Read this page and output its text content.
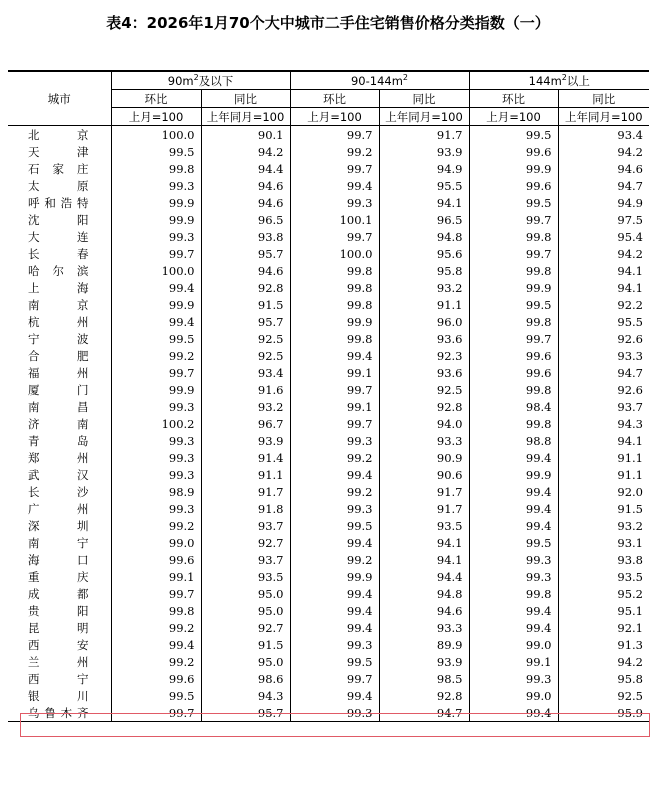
表4：2026年1月70个大中城市二手住宅销售价格分类指数（一）
城市	$90m^2$及以下		$90-144m^2$		$144m^2$以上	
	环比	同比	环比	同比	环比	同比
	上月=100	上年同月=100	上月=100	上年同月=100	上月=100	上年同月=100
北京	100.0	90.1	99.7	91.7	99.5	93.4
天津	99.5	94.2	99.2	93.9	99.6	94.2
石家庄	99.8	94.4	99.7	94.9	99.9	94.6
太原	99.3	94.6	99.4	95.5	99.6	94.7
呼和浩特	99.9	94.6	99.3	94.1	99.5	94.9
沈阳	99.9	96.5	100.1	96.5	99.7	97.5
大连	99.3	93.8	99.7	94.8	99.8	95.4
长春	99.7	95.7	100.0	95.6	99.7	94.2
哈尔滨	100.0	94.6	99.8	95.8	99.8	94.1
上海	99.4	92.8	99.8	93.2	99.9	94.1
南京	99.9	91.5	99.8	91.1	99.5	92.2
杭州	99.4	95.7	99.9	96.0	99.8	95.5
宁波	99.5	92.5	99.8	93.6	99.7	92.6
合肥	99.2	92.5	99.4	92.3	99.6	93.3
福州	99.7	93.4	99.1	93.6	99.6	94.7
厦门	99.9	91.6	99.7	92.5	99.8	92.6
南昌	99.3	93.2	99.1	92.8	98.4	93.7
济南	100.2	96.7	99.7	94.0	99.8	94.3
青岛	99.3	93.9	99.3	93.3	98.8	94.1
郑州	99.3	91.4	99.2	90.9	99.4	91.1
武汉	99.3	91.1	99.4	90.6	99.9	91.1
长沙	98.9	91.7	99.2	91.7	99.4	92.0
广州	99.3	91.8	99.3	91.7	99.4	91.5
深圳	99.2	93.7	99.5	93.5	99.4	93.2
南宁	99.0	92.7	99.4	94.1	99.5	93.1
海口	99.6	93.7	99.2	94.1	99.3	93.8
重庆	99.1	93.5	99.9	94.4	99.3	93.5
成都	99.7	95.0	99.4	94.8	99.8	95.2
贵阳	99.8	95.0	99.4	94.6	99.4	95.1
昆明	99.2	92.7	99.4	93.3	99.4	92.1
西安	99.4	91.5	99.3	89.9	99.0	91.3
兰州	99.2	95.0	99.5	93.9	99.1	94.2
西宁	99.6	98.6	99.7	98.5	99.3	95.8
银川	99.5	94.3	99.4	92.8	99.0	92.5
乌鲁木齐	99.7	95.7	99.3	94.7	99.4	95.9
